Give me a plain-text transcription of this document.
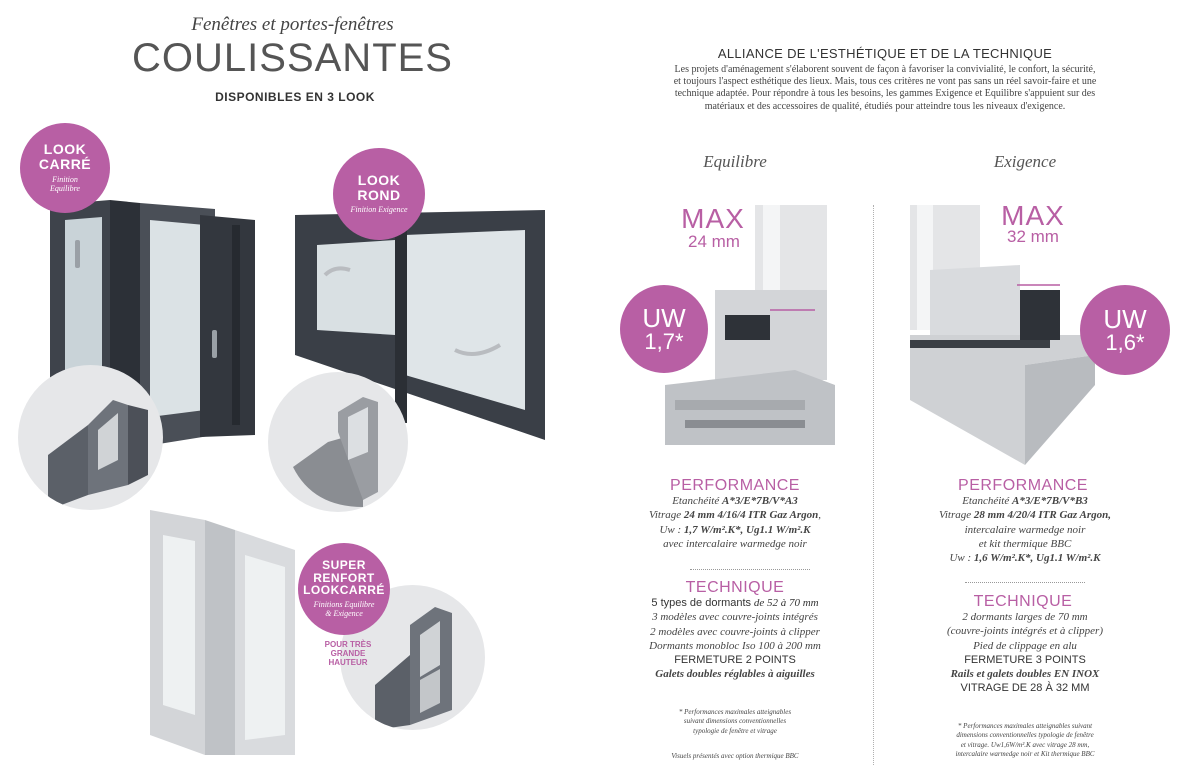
Fenêtres et portes-fenêtres
COULISSANTES
DISPONIBLES EN 3 LOOK
LOOK
CARRÉ
Finition
Equilibre
LOOK
ROND
Finition Exigence
SUPER
RENFORT
LOOKCARRÉ
Finitions Equilibre
& Exigence
POUR TRÈS
GRANDE
HAUTEUR
ALLIANCE DE L'ESTHÉTIQUE ET DE LA TECHNIQUE
Les projets d'aménagement s'élaborent souvent de façon à favoriser la convivialité, le confort, la sécurité,
et toujours l'aspect esthétique des lieux. Mais, tous ces critères ne vont pas sans un réel savoir-faire et une
technique adaptée. Pour répondre à tous les besoins, les gammes Exigence et Equilibre s'appuient sur des
matériaux et des accessoires de qualité, étudiés pour atteindre tous les niveaux d'exigence.
Equilibre
MAX
24 mm
UW
1,7*
PERFORMANCE
Etanchéité A*3/E*7B/V*A3
Vitrage 24 mm 4/16/4 ITR Gaz Argon,
Uw : 1,7 W/m².K*, Ug1.1 W/m².K
avec intercalaire warmedge noir
TECHNIQUE
5 types de dormants de 52 à 70 mm
3 modèles avec couvre-joints intégrés
2 modèles avec couvre-joints à clipper
Dormants monobloc Iso 100 à 200 mm
FERMETURE 2 POINTS
Galets doubles réglables à aiguilles
* Performances maximales atteignables
suivant dimensions conventionnelles
typologie de fenêtre et vitrage
Visuels présentés avec option thermique BBC
Exigence
MAX
32 mm
UW
1,6*
PERFORMANCE
Etanchéité A*3/E*7B/V*B3
Vitrage 28 mm 4/20/4 ITR Gaz Argon,
intercalaire warmedge noir
et kit thermique BBC
Uw : 1,6 W/m².K*, Ug1.1 W/m².K
TECHNIQUE
2 dormants larges de 70 mm
(couvre-joints intégrés et à clipper)
Pied de clippage en alu
FERMETURE 3 POINTS
Rails et galets doubles EN INOX
VITRAGE DE 28 À 32 MM
* Performances maximales atteignables suivant
dimensions conventionnelles typologie de fenêtre
et vitrage. Uw1,6W/m².K avec vitrage 28 mm,
intercalaire warmedge noir et Kit thermique BBC
